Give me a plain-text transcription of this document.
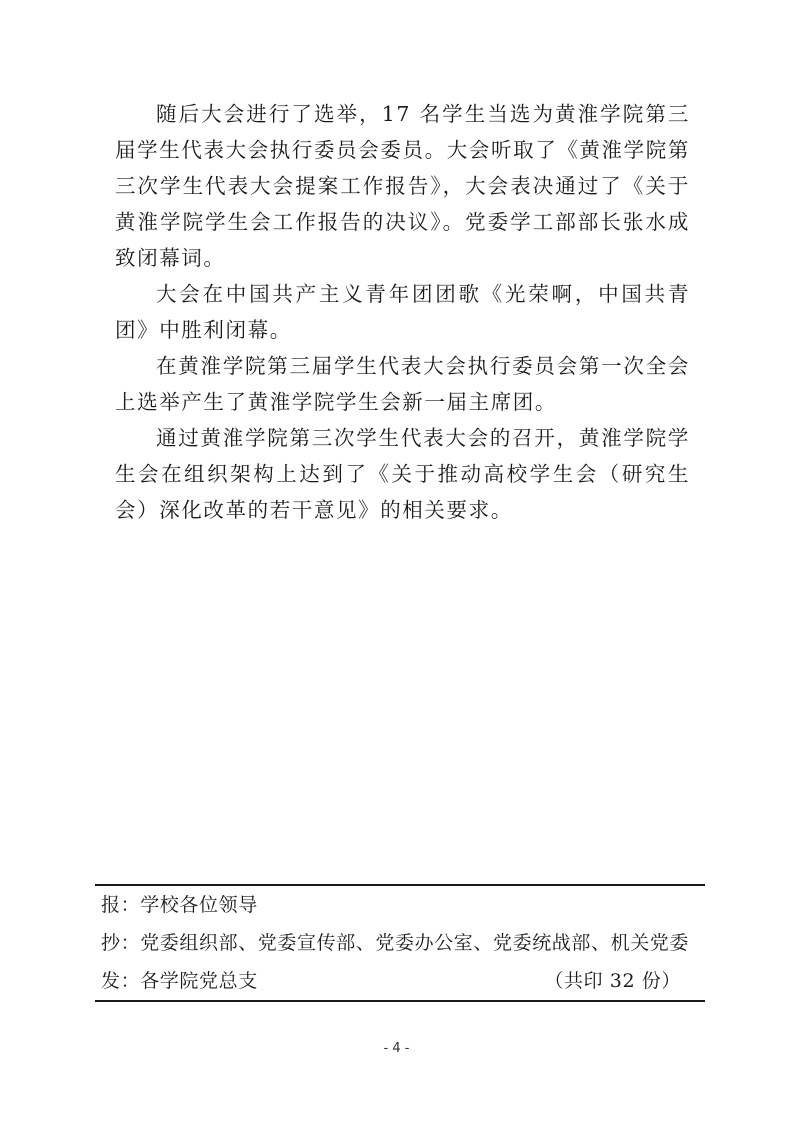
随后大会进行了选举，17 名学生当选为黄淮学院第三届学生代表大会执行委员会委员。大会听取了《黄淮学院第三次学生代表大会提案工作报告》，大会表决通过了《关于黄淮学院学生会工作报告的决议》。党委学工部部长张水成致闭幕词。

大会在中国共产主义青年团团歌《光荣啊，中国共青团》中胜利闭幕。

在黄淮学院第三届学生代表大会执行委员会第一次全会上选举产生了黄淮学院学生会新一届主席团。

通过黄淮学院第三次学生代表大会的召开，黄淮学院学生会在组织架构上达到了《关于推动高校学生会（研究生会）深化改革的若干意见》的相关要求。

报：学校各位领导
抄：党委组织部、党委宣传部、党委办公室、党委统战部、机关党委
发：各学院党总支	（共印 32 份）
- 4 -
